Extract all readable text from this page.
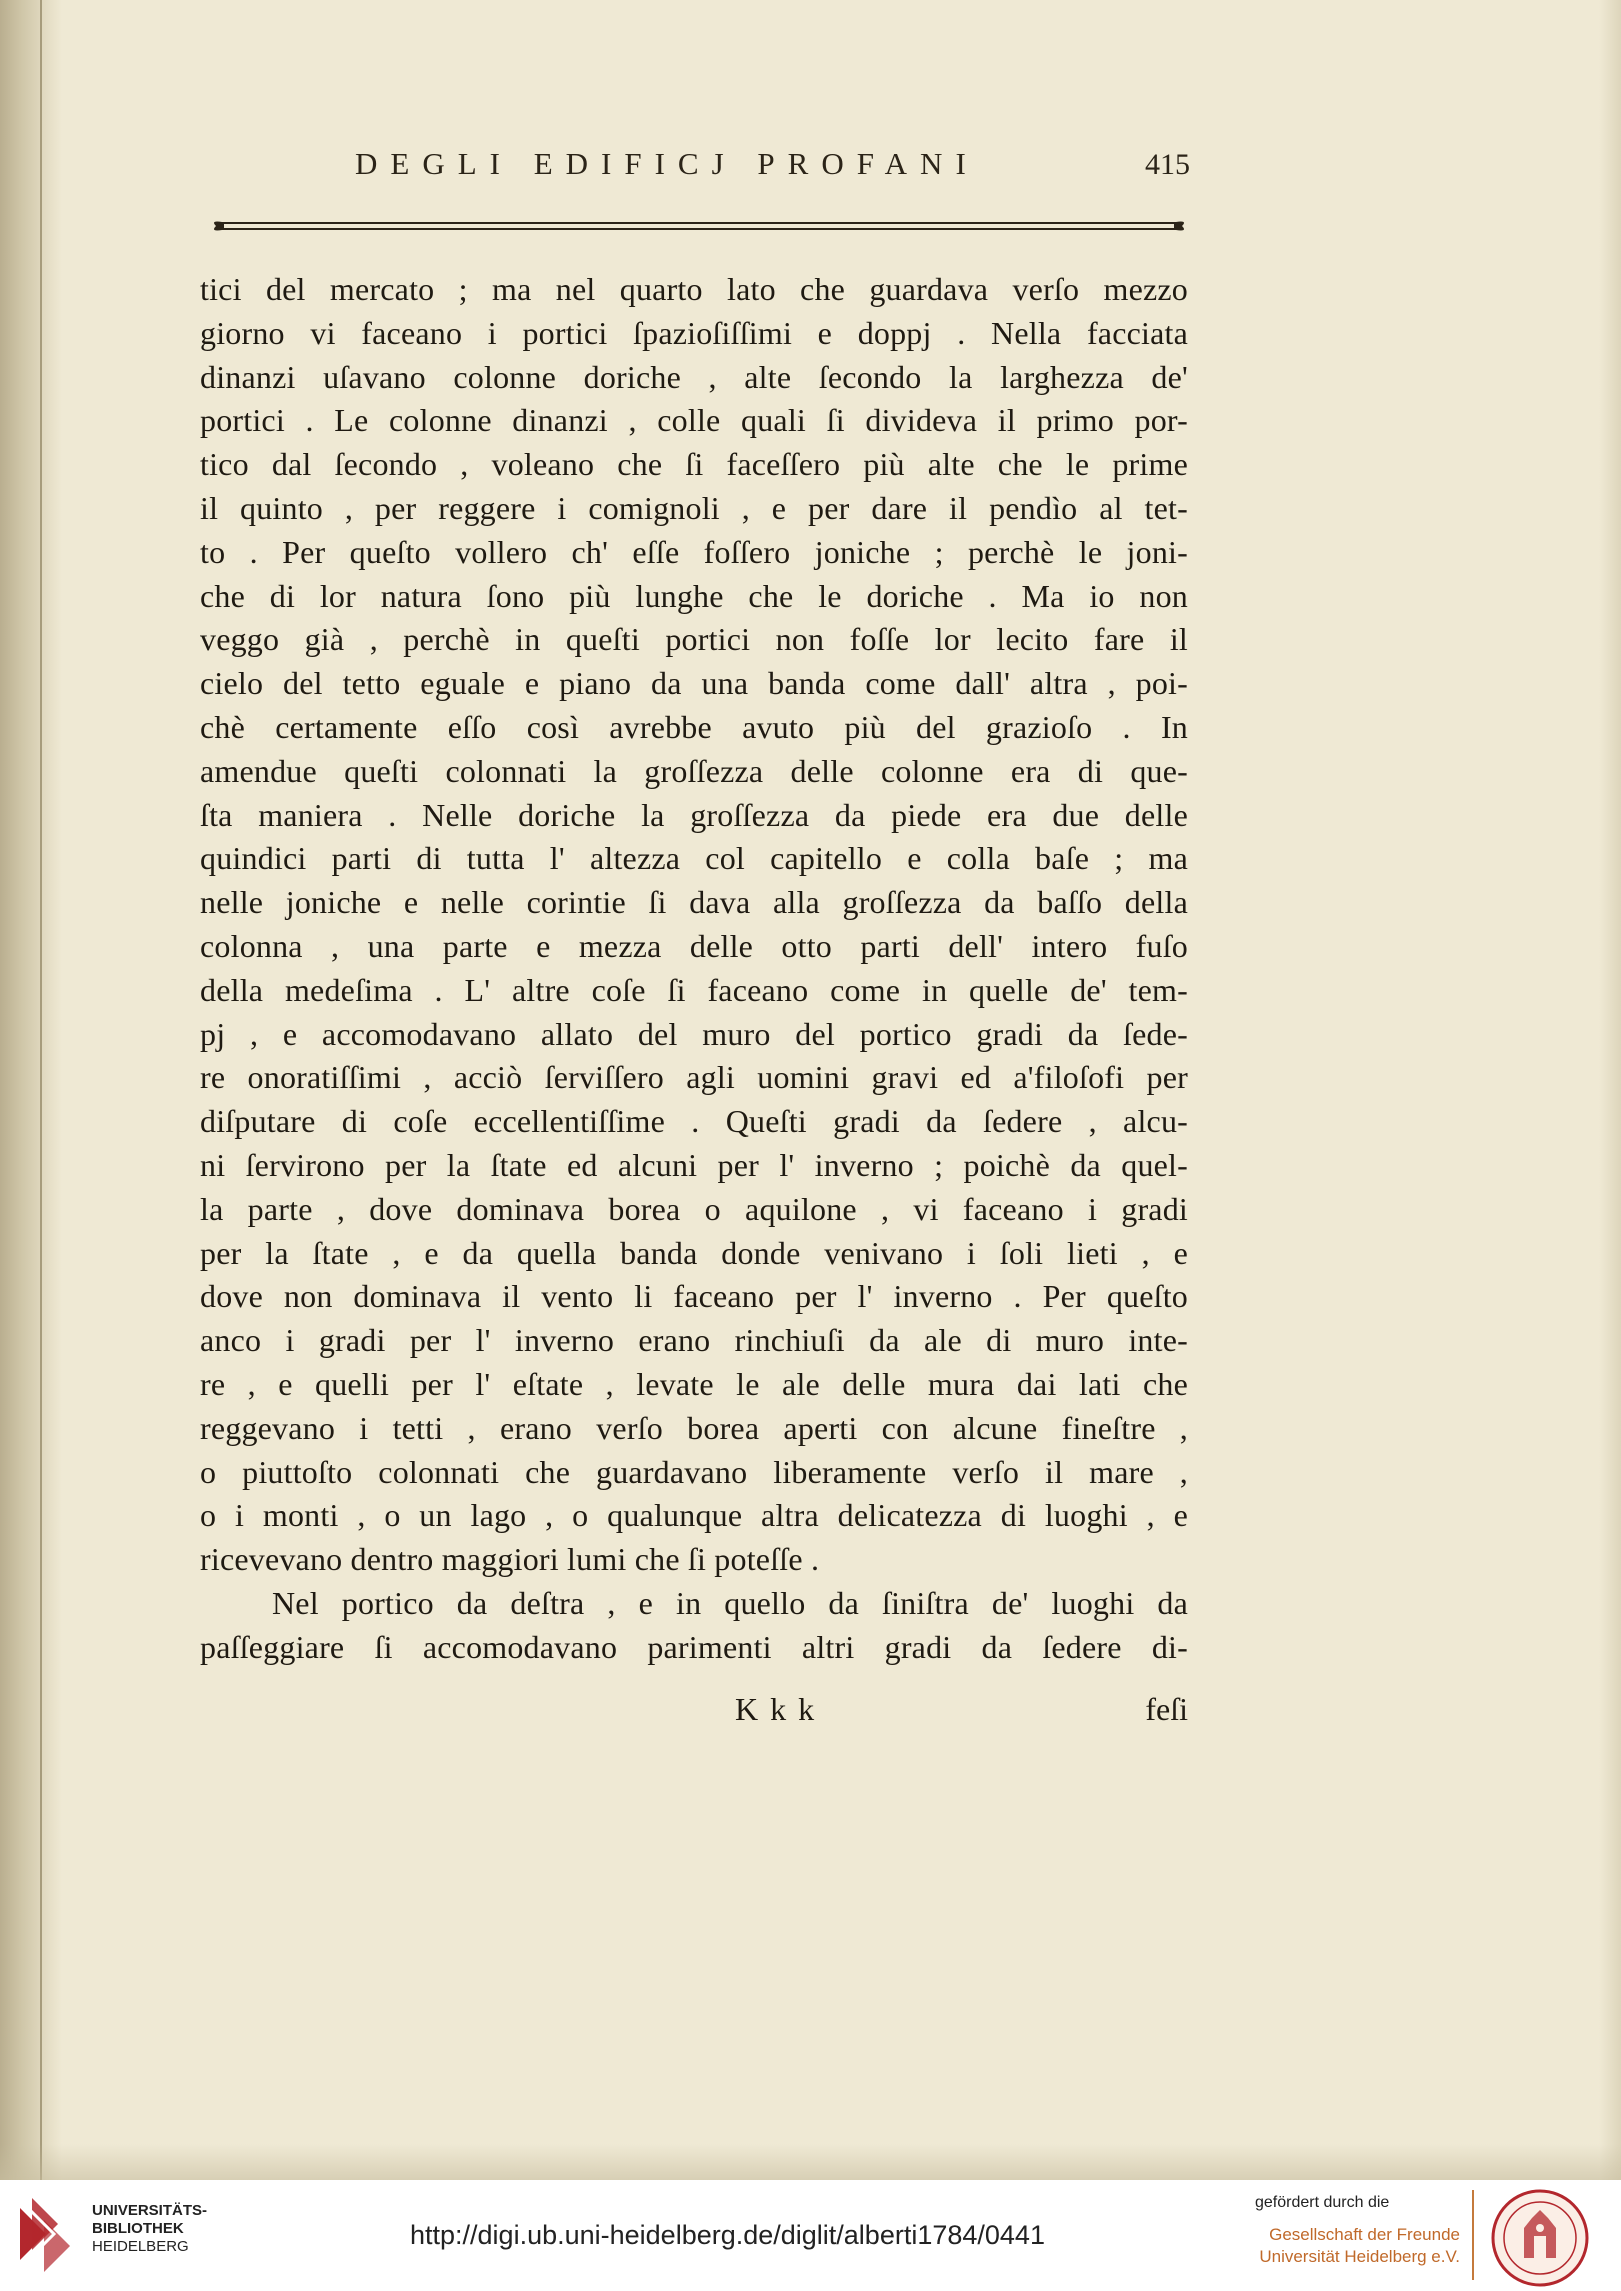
DEGLI EDIFICJ PROFANI	415
tici del mercato ; ma nel quarto lato che guardava verſo mezzo
giorno vi faceano i portici ſpazioſiſſimi e doppj . Nella facciata
dinanzi uſavano colonne doriche , alte ſecondo la larghezza de'
portici . Le colonne dinanzi , colle quali ſi divideva il primo por-
tico dal ſecondo , voleano che ſi faceſſero più alte che le prime
il quinto , per reggere i comignoli , e per dare il pendìo al tet-
to . Per queſto vollero ch' eſſe foſſero joniche ; perchè le joni-
che di lor natura ſono più lunghe che le doriche . Ma io non
veggo già , perchè in queſti portici non foſſe lor lecito fare il
cielo del tetto eguale e piano da una banda come dall' altra , poi-
chè certamente eſſo così avrebbe avuto più del grazioſo . In
amendue queſti colonnati la groſſezza delle colonne era di que-
ſta maniera . Nelle doriche la groſſezza da piede era due delle
quindici parti di tutta l' altezza col capitello e colla baſe ; ma
nelle joniche e nelle corintie ſi dava alla groſſezza da baſſo della
colonna , una parte e mezza delle otto parti dell' intero fuſo
della medeſima . L' altre coſe ſi faceano come in quelle de' tem-
pj , e accomodavano allato del muro del portico gradi da ſede-
re onoratiſſimi , acciò ſerviſſero agli uomini gravi ed a'filoſofi per
diſputare di coſe eccellentiſſime . Queſti gradi da ſedere , alcu-
ni ſervirono per la ſtate ed alcuni per l' inverno ; poichè da quel-
la parte , dove dominava borea o aquilone , vi faceano i gradi
per la ſtate , e da quella banda donde venivano i ſoli lieti , e
dove non dominava il vento li faceano per l' inverno . Per queſto
anco i gradi per l' inverno erano rinchiuſi da ale di muro inte-
re , e quelli per l' eſtate , levate le ale delle mura dai lati che
reggevano i tetti , erano verſo borea aperti con alcune fineſtre ,
o piuttoſto colonnati che guardavano liberamente verſo il mare ,
o i monti , o un lago , o qualunque altra delicatezza di luoghi , e
ricevevano dentro maggiori lumi che ſi poteſſe .
Nel portico da deſtra , e in quello da ſiniſtra de' luoghi da
paſſeggiare ſi accomodavano parimenti altri gradi da ſedere di-
Kkk	feſi
UNIVERSITÄTS-
BIBLIOTHEK
HEIDELBERG	http://digi.ub.uni-heidelberg.de/diglit/alberti1784/0441
gefördert durch die
Gesellschaft der Freunde
Universität Heidelberg e.V.
